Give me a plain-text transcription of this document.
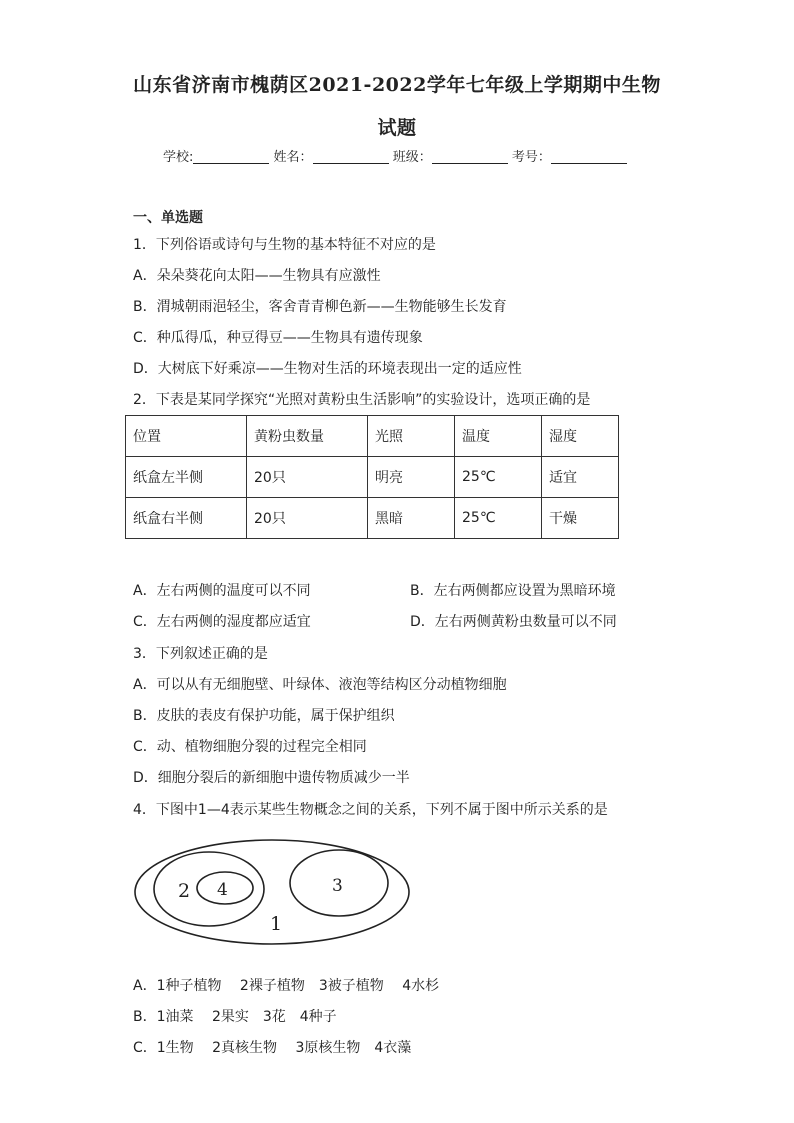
山东省济南市槐荫区2021-2022学年七年级上学期期中生物
试题
学校:	姓名：	班级：	考号：
一、单选题
1．下列俗语或诗句与生物的基本特征不对应的是
A．朵朵葵花向太阳——生物具有应激性
B．渭城朝雨浥轻尘，客舍青青柳色新——生物能够生长发育
C．种瓜得瓜，种豆得豆——生物具有遗传现象
D．大树底下好乘凉——生物对生活的环境表现出一定的适应性
2．下表是某同学探究“光照对黄粉虫生活影响”的实验设计，选项正确的是
位置	黄粉虫数量	光照	温度	湿度
纸盒左半侧	20只	明亮	25℃	适宜
纸盒右半侧	20只	黑暗	25℃	干燥
A．左右两侧的温度可以不同	B．左右两侧都应设置为黑暗环境
C．左右两侧的湿度都应适宜	D．左右两侧黄粉虫数量可以不同
3．下列叙述正确的是
A．可以从有无细胞壁、叶绿体、液泡等结构区分动植物细胞
B．皮肤的表皮有保护功能，属于保护组织
C．动、植物细胞分裂的过程完全相同
D．细胞分裂后的新细胞中遗传物质减少一半
4．下图中1—4表示某些生物概念之间的关系，下列不属于图中所示关系的是
2 4	3
1
A．1种子植物　 2裸子植物　3被子植物　 4水杉
B．1油菜　 2果实　3花　4种子
C．1生物　 2真核生物　 3原核生物　4衣藻
